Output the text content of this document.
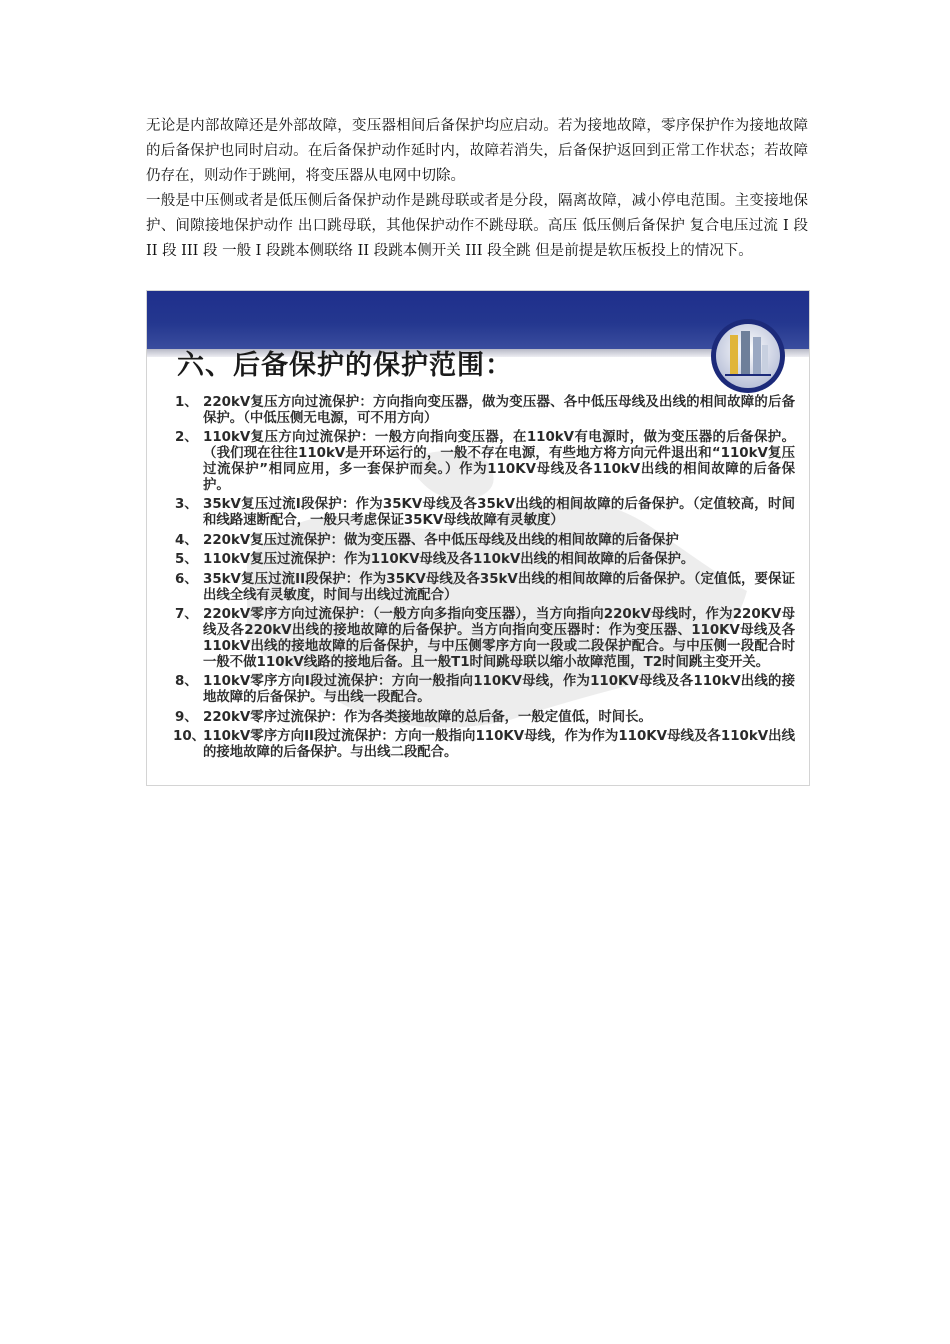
无论是内部故障还是外部故障，变压器相间后备保护均应启动。若为接地故障，零序保护作为接地故障的后备保护也同时启动。在后备保护动作延时内，故障若消失，后备保护返回到正常工作状态；若故障仍存在，则动作于跳闸，将变压器从电网中切除。

一般是中压侧或者是低压侧后备保护动作是跳母联或者是分段，隔离故障，减小停电范围。主变接地保护、间隙接地保护动作 出口跳母联，其他保护动作不跳母联。高压 低压侧后备保护 复合电压过流 I 段 II 段 III 段 一般 I 段跳本侧联络 II 段跳本侧开关 III 段全跳 但是前提是软压板投上的情况下。

六、后备保护的保护范围：
1、 220kV复压方向过流保护：方向指向变压器，做为变压器、各中低压母线及出线的相间故障的后备保护。（中低压侧无电源，可不用方向）
2、 110kV复压方向过流保护：一般方向指向变压器，在110kV有电源时，做为变压器的后备保护。（我们现在往往110kV是开环运行的，一般不存在电源，有些地方将方向元件退出和“110kV复压过流保护”相同应用，多一套保护而矣。）作为110KV母线及各110kV出线的相间故障的后备保护。
3、 35kV复压过流I段保护：作为35KV母线及各35kV出线的相间故障的后备保护。（定值较高，时间和线路速断配合，一般只考虑保证35KV母线故障有灵敏度）
4、 220kV复压过流保护：做为变压器、各中低压母线及出线的相间故障的后备保护
5、 110kV复压过流保护：作为110KV母线及各110kV出线的相间故障的后备保护。
6、 35kV复压过流II段保护：作为35KV母线及各35kV出线的相间故障的后备保护。（定值低，要保证出线全线有灵敏度，时间与出线过流配合）
7、 220kV零序方向过流保护：（一般方向多指向变压器），当方向指向220kV母线时，作为220KV母线及各220kV出线的接地故障的后备保护。当方向指向变压器时：作为变压器、110KV母线及各110kV出线的接地故障的后备保护，与中压侧零序方向一段或二段保护配合。与中压侧一段配合时一般不做110kV线路的接地后备。且一般T1时间跳母联以缩小故障范围，T2时间跳主变开关。
8、 110kV零序方向I段过流保护：方向一般指向110KV母线，作为110KV母线及各110kV出线的接地故障的后备保护。与出线一段配合。
9、 220kV零序过流保护：作为各类接地故障的总后备，一般定值低，时间长。
10、
110kV零序方向II段过流保护：方向一般指向110KV母线，作为作为110KV母线及各110kV出线的接地故障的后备保护。与出线二段配合。
